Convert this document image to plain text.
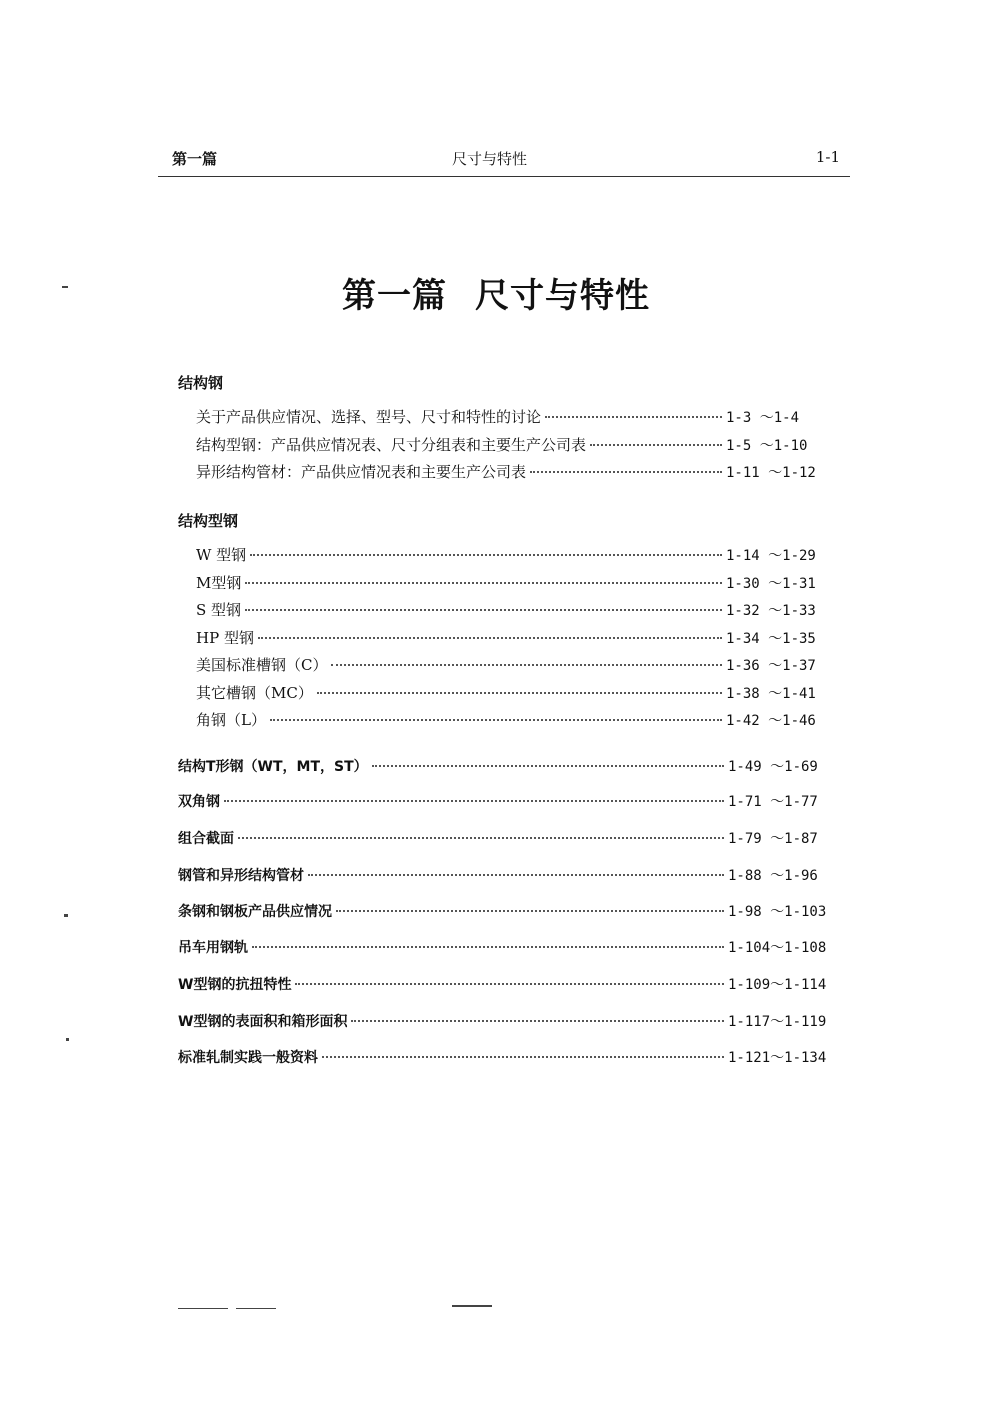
第一篇	尺寸与特性	1-1
第一篇 尺寸与特性
结构钢
关于产品供应情况、选择、型号、尺寸和特性的讨论	1-3 ～1-4
结构型钢：产品供应情况表、尺寸分组表和主要生产公司表	1-5 ～1-10
异形结构管材：产品供应情况表和主要生产公司表	1-11 ～1-12
结构型钢
W 型钢	1-14 ～1-29
M型钢	1-30 ～1-31
S 型钢	1-32 ～1-33
HP 型钢	1-34 ～1-35
美国标准槽钢（C）	1-36 ～1-37
其它槽钢（MC）	1-38 ～1-41
角钢（L）	1-42 ～1-46
结构T形钢（WT，MT，ST）	1-49 ～1-69
双角钢	1-71 ～1-77
组合截面	1-79 ～1-87
钢管和异形结构管材	1-88 ～1-96
条钢和钢板产品供应情况	1-98 ～1-103
吊车用钢轨	1-104～1-108
W型钢的抗扭特性	1-109～1-114
W型钢的表面积和箱形面积	1-117～1-119
标准轧制实践一般资料	1-121～1-134
